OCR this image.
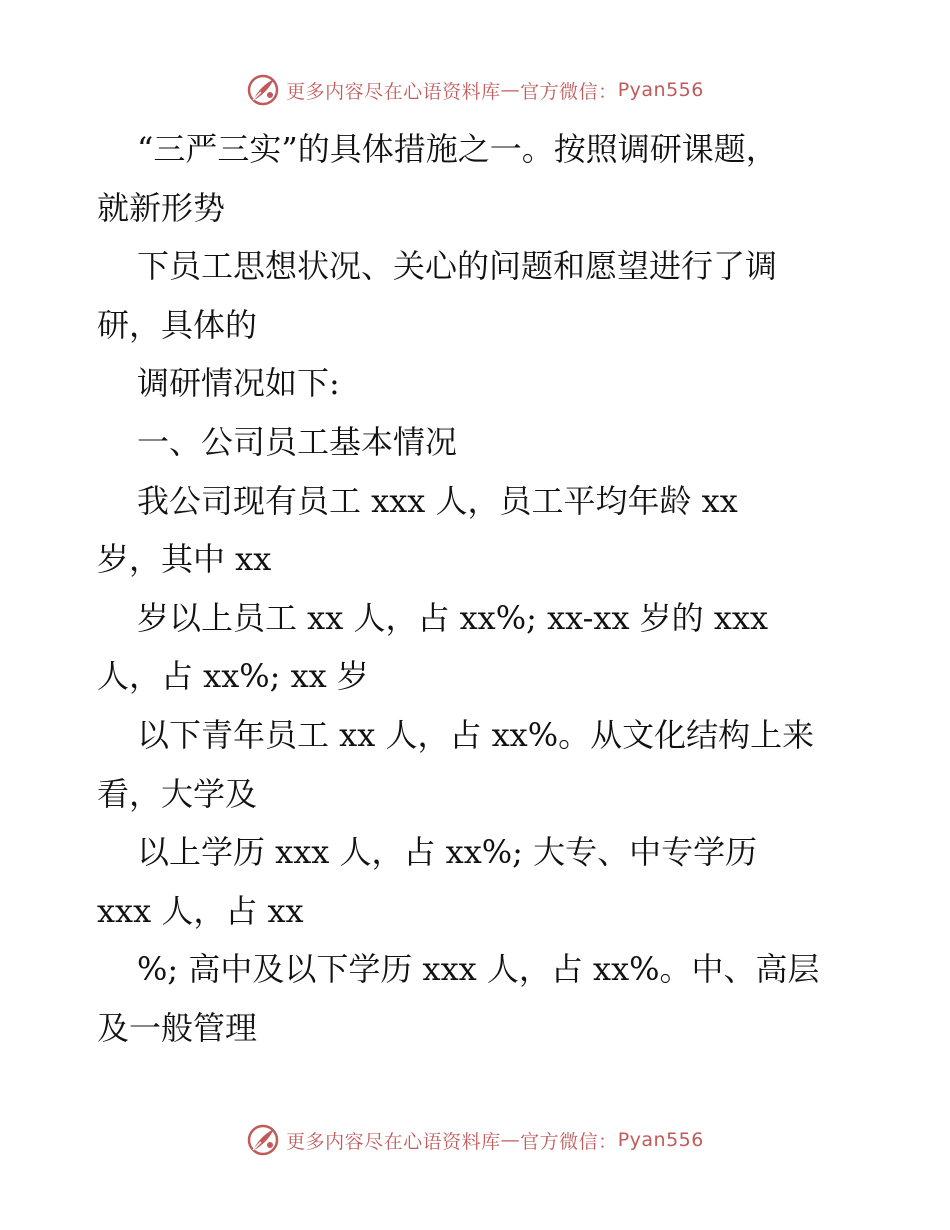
更多内容尽在心语资料库 — 官方微信： Pyan556
“三严三实”的具体措施之一。按照调研课题，
就新形势
下员工思想状况、关心的问题和愿望进行了调
研，具体的
调研情况如下:
一、公司员工基本情况
我公司现有员工 xxx 人，员工平均年龄 xx
岁，其中 xx
岁以上员工 xx 人，占 xx%; xx-xx 岁的 xxx
人，占 xx%; xx 岁
以下青年员工 xx 人，占 xx%。从文化结构上来
看，大学及
以上学历 xxx 人，占 xx%; 大专、中专学历
xxx 人，占 xx
%; 高中及以下学历 xxx 人，占 xx%。中、高层
及一般管理
更多内容尽在心语资料库 — 官方微信： Pyan556
